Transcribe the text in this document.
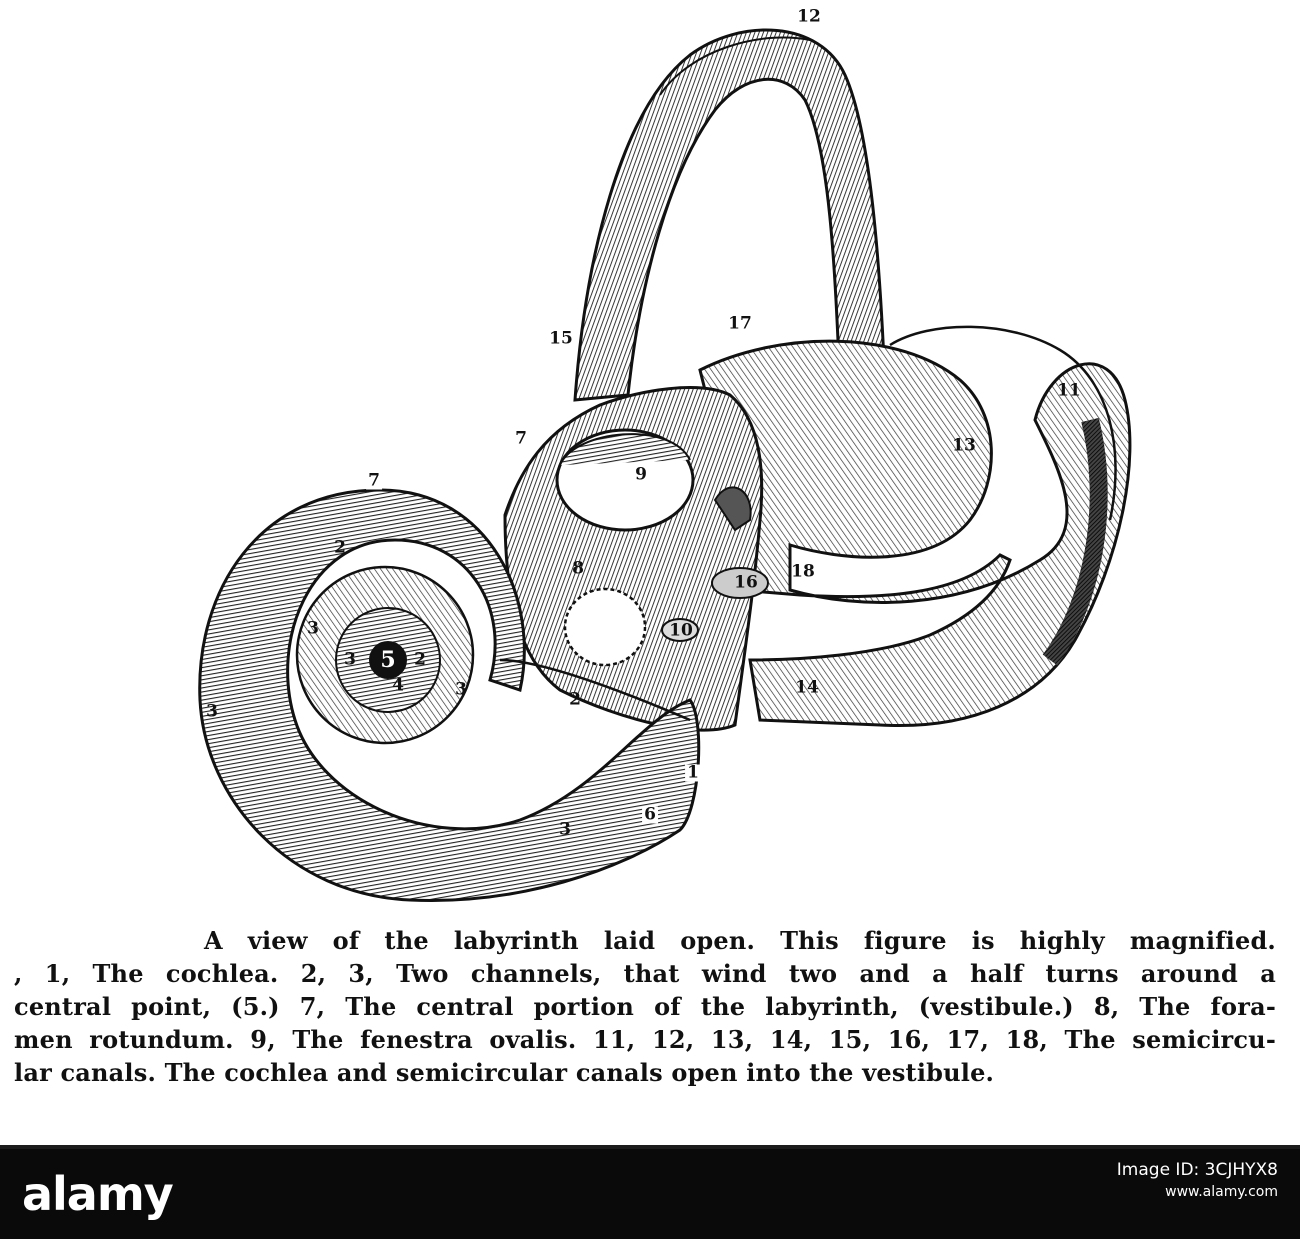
12
15
17
11
13
7
7	9
8
16
18
10
14
2
2
2
3
3
3
3
3
4
5
1
6
A view of the labyrinth laid open. This figure is highly magnified.
, 1, The cochlea. 2, 3, Two channels, that wind two and a half turns around a
central point, (5.) 7, The central portion of the labyrinth, (vestibule.) 8, The fora-
men rotundum. 9, The fenestra ovalis. 11, 12, 13, 14, 15, 16, 17, 18, The semicircu-
lar canals. The cochlea and semicircular canals open into the vestibule.
alamy	Image ID: 3CJHYX8
www.alamy.com
